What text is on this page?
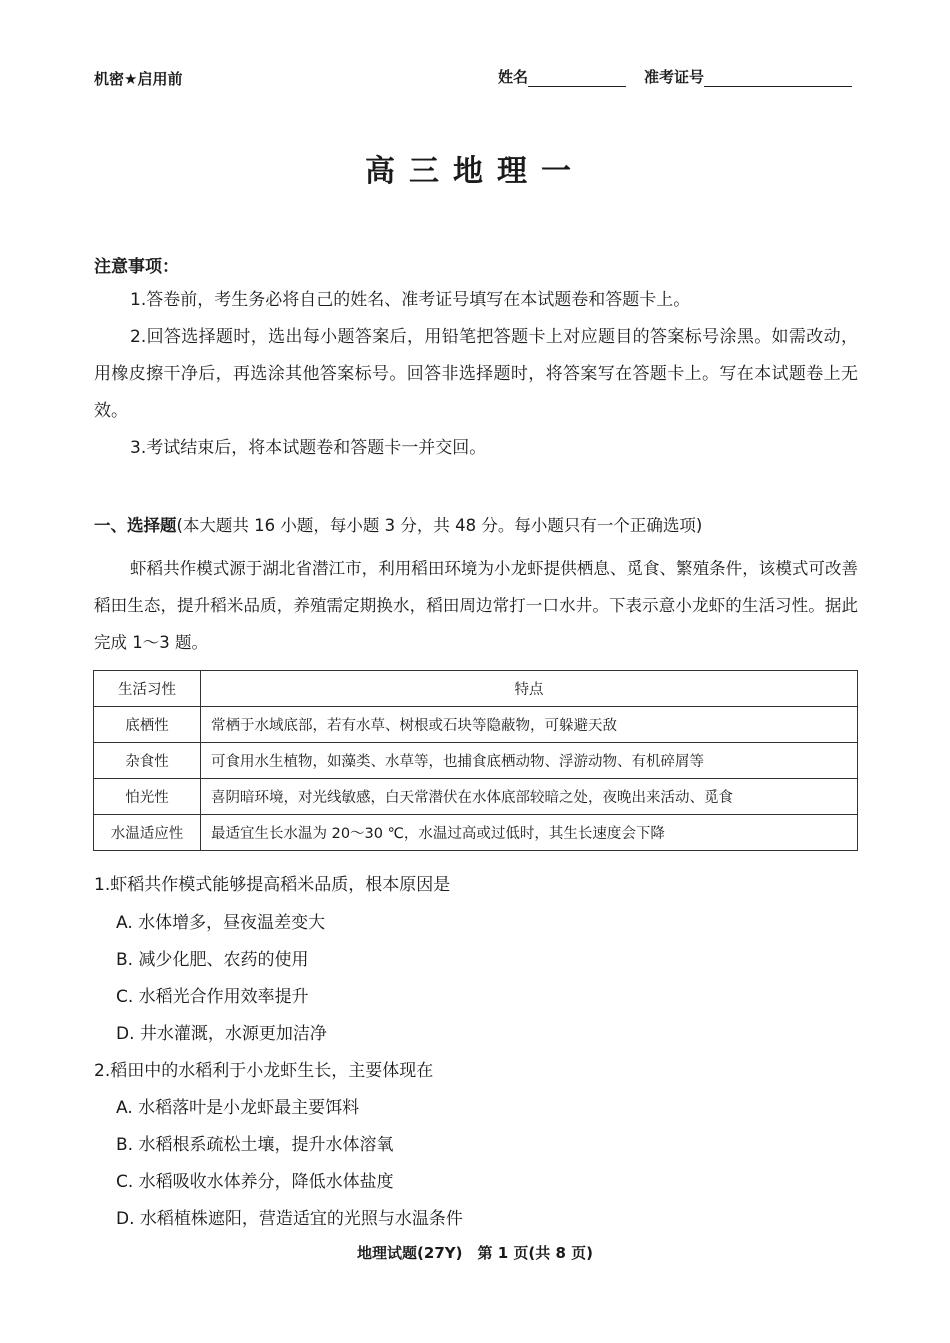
机密★启用前	姓名	准考证号
高三地理一
注意事项：
1.答卷前，考生务必将自己的姓名、准考证号填写在本试题卷和答题卡上。
2.回答选择题时，选出每小题答案后，用铅笔把答题卡上对应题目的答案标号涂黑。如需改动，用橡皮擦干净后，再选涂其他答案标号。回答非选择题时，将答案写在答题卡上。写在本试题卷上无效。
3.考试结束后，将本试题卷和答题卡一并交回。
一、选择题(本大题共 16 小题，每小题 3 分，共 48 分。每小题只有一个正确选项)
虾稻共作模式源于湖北省潜江市，利用稻田环境为小龙虾提供栖息、觅食、繁殖条件，该模式可改善稻田生态，提升稻米品质，养殖需定期换水，稻田周边常打一口水井。下表示意小龙虾的生活习性。据此完成 1～3 题。
生活习性	特点
底栖性	常栖于水域底部，若有水草、树根或石块等隐蔽物，可躲避天敌
杂食性	可食用水生植物，如藻类、水草等，也捕食底栖动物、浮游动物、有机碎屑等
怕光性	喜阴暗环境，对光线敏感，白天常潜伏在水体底部较暗之处，夜晚出来活动、觅食
水温适应性	最适宜生长水温为 20～30 ℃，水温过高或过低时，其生长速度会下降
1.虾稻共作模式能够提高稻米品质，根本原因是
A. 水体增多，昼夜温差变大
B. 减少化肥、农药的使用
C. 水稻光合作用效率提升
D. 井水灌溉，水源更加洁净
2.稻田中的水稻利于小龙虾生长，主要体现在
A. 水稻落叶是小龙虾最主要饵料
B. 水稻根系疏松土壤，提升水体溶氧
C. 水稻吸收水体养分，降低水体盐度
D. 水稻植株遮阳，营造适宜的光照与水温条件
地理试题(27Y)　第 1 页(共 8 页)
